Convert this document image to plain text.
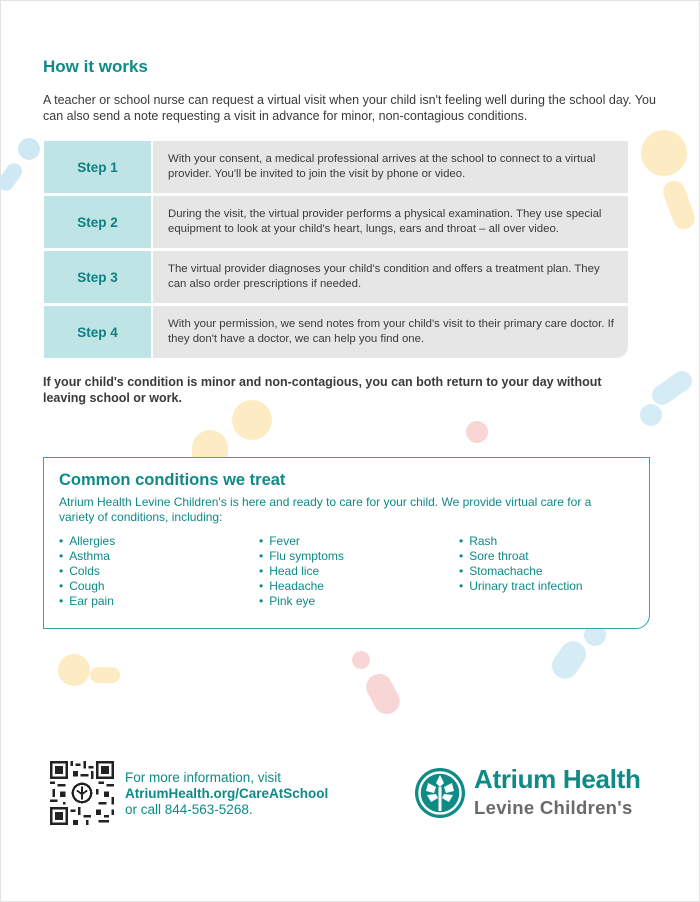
How it works

A teacher or school nurse can request a virtual visit when your child isn't feeling well during the school day. You can also send a note requesting a visit in advance for minor, non-contagious conditions.

Step 1
With your consent, a medical professional arrives at the school to connect to a virtual provider. You'll be invited to join the visit by phone or video.
Step 2
During the visit, the virtual provider performs a physical examination. They use special equipment to look at your child's heart, lungs, ears and throat – all over video.
Step 3
The virtual provider diagnoses your child's condition and offers a treatment plan. They can also order prescriptions if needed.
Step 4
With your permission, we send notes from your child's visit to their primary care doctor. If they don't have a doctor, we can help you find one.

If your child's condition is minor and non-contagious, you can both return to your day without leaving school or work.

Common conditions we treat

Atrium Health Levine Children's is here and ready to care for your child. We provide virtual care for a variety of conditions, including:

• Allergies
• Asthma
• Colds
• Cough
• Ear pain
• Fever
• Flu symptoms
• Head lice
• Headache
• Pink eye
• Rash
• Sore throat
• Stomachache
• Urinary tract infection
For more information, visit
AtriumHealth.org/CareAtSchool
or call 844-563-5268.
Atrium Health
Levine Children's
